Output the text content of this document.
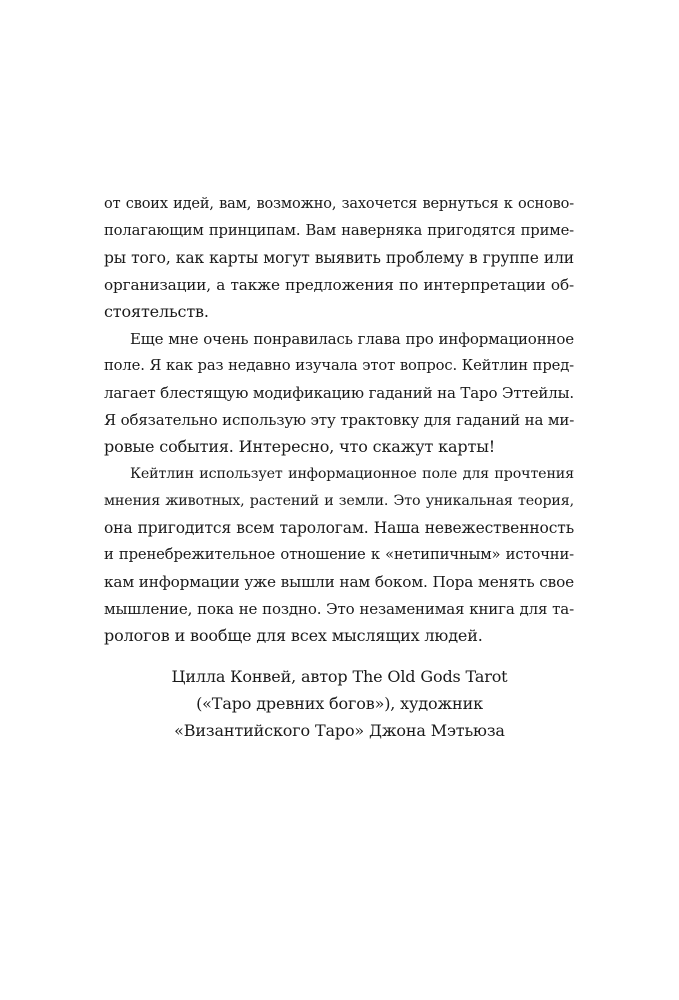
от своих идей, вам, возможно, захочется вернуться к осново-
полагающим принципам. Вам наверняка пригодятся приме-
ры того, как карты могут выявить проблему в группе или
организации, а также предложения по интерпретации об-
стоятельств.
Еще мне очень понравилась глава про информационное
поле. Я как раз недавно изучала этот вопрос. Кейтлин пред-
лагает блестящую модификацию гаданий на Таро Эттейлы.
Я обязательно использую эту трактовку для гаданий на ми-
ровые события. Интересно, что скажут карты!
Кейтлин использует информационное поле для прочтения
мнения животных, растений и земли. Это уникальная теория,
она пригодится всем тарологам. Наша невежественность
и пренебрежительное отношение к «нетипичным» источни-
кам информации уже вышли нам боком. Пора менять свое
мышление, пока не поздно. Это незаменимая книга для та-
рологов и вообще для всех мыслящих людей.
Цилла Конвей, автор The Old Gods Tarot
(«Таро древних богов»), художник
«Византийского Таро» Джона Мэтьюза
